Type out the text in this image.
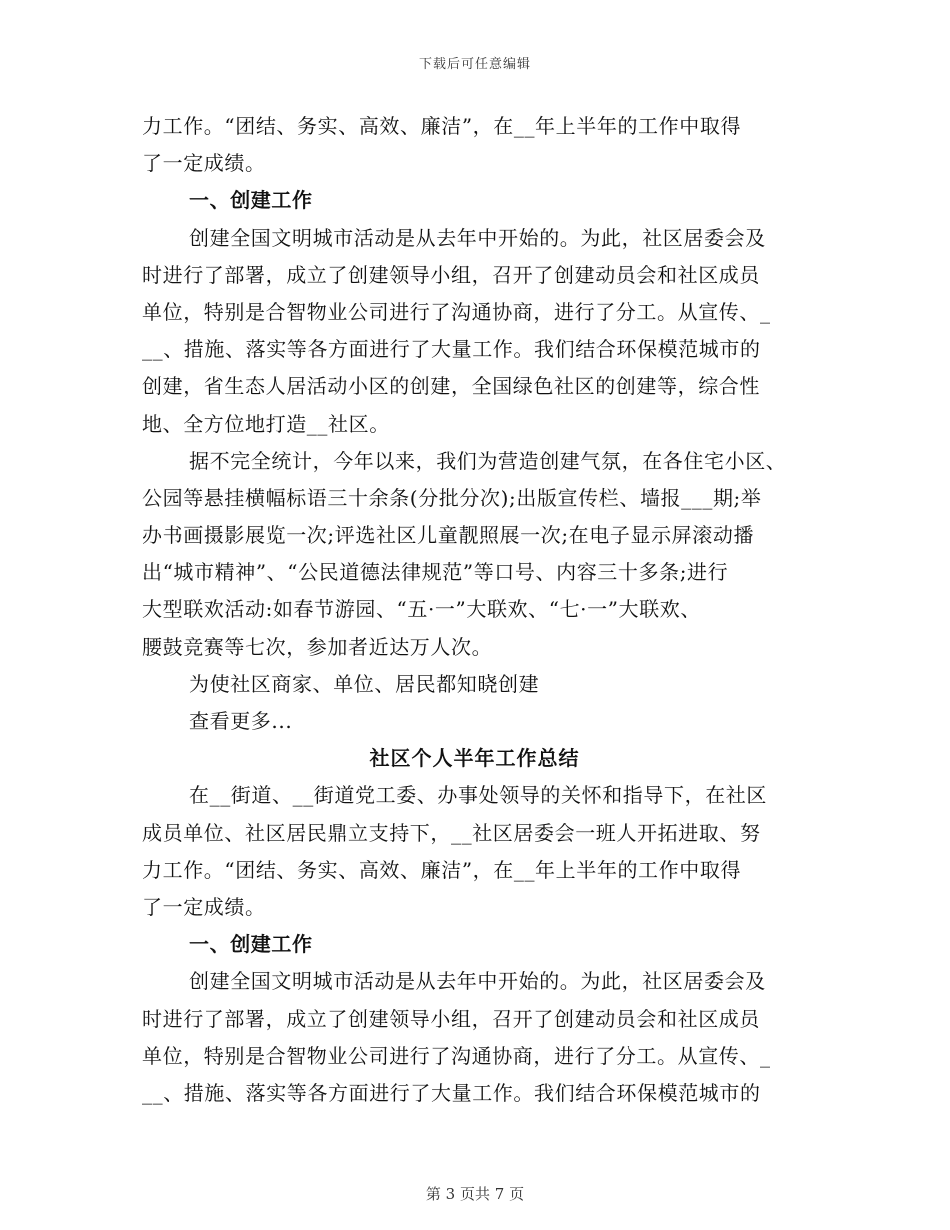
下载后可任意编辑
力工作。“团结、务实、高效、廉洁”，在__年上半年的工作中取得
了一定成绩。
一、创建工作
创建全国文明城市活动是从去年中开始的。为此，社区居委会及
时进行了部署，成立了创建领导小组，召开了创建动员会和社区成员
单位，特别是合智物业公司进行了沟通协商，进行了分工。从宣传、_
__、措施、落实等各方面进行了大量工作。我们结合环保模范城市的
创建，省生态人居活动小区的创建，全国绿色社区的创建等，综合性
地、全方位地打造__社区。
据不完全统计，今年以来，我们为营造创建气氛，在各住宅小区、
公园等悬挂横幅标语三十余条(分批分次);出版宣传栏、墙报___期;举
办书画摄影展览一次;评选社区儿童靓照展一次;在电子显示屏滚动播
出“城市精神”、“公民道德法律规范”等口号、内容三十多条;进行
大型联欢活动:如春节游园、“五·一”大联欢、“七·一”大联欢、
腰鼓竞赛等七次，参加者近达万人次。
为使社区商家、单位、居民都知晓创建
查看更多...
社区个人半年工作总结
在__街道、__街道党工委、办事处领导的关怀和指导下，在社区
成员单位、社区居民鼎立支持下，__社区居委会一班人开拓进取、努
力工作。“团结、务实、高效、廉洁”，在__年上半年的工作中取得
了一定成绩。
一、创建工作
创建全国文明城市活动是从去年中开始的。为此，社区居委会及
时进行了部署，成立了创建领导小组，召开了创建动员会和社区成员
单位，特别是合智物业公司进行了沟通协商，进行了分工。从宣传、_
__、措施、落实等各方面进行了大量工作。我们结合环保模范城市的
第 3 页共 7 页
